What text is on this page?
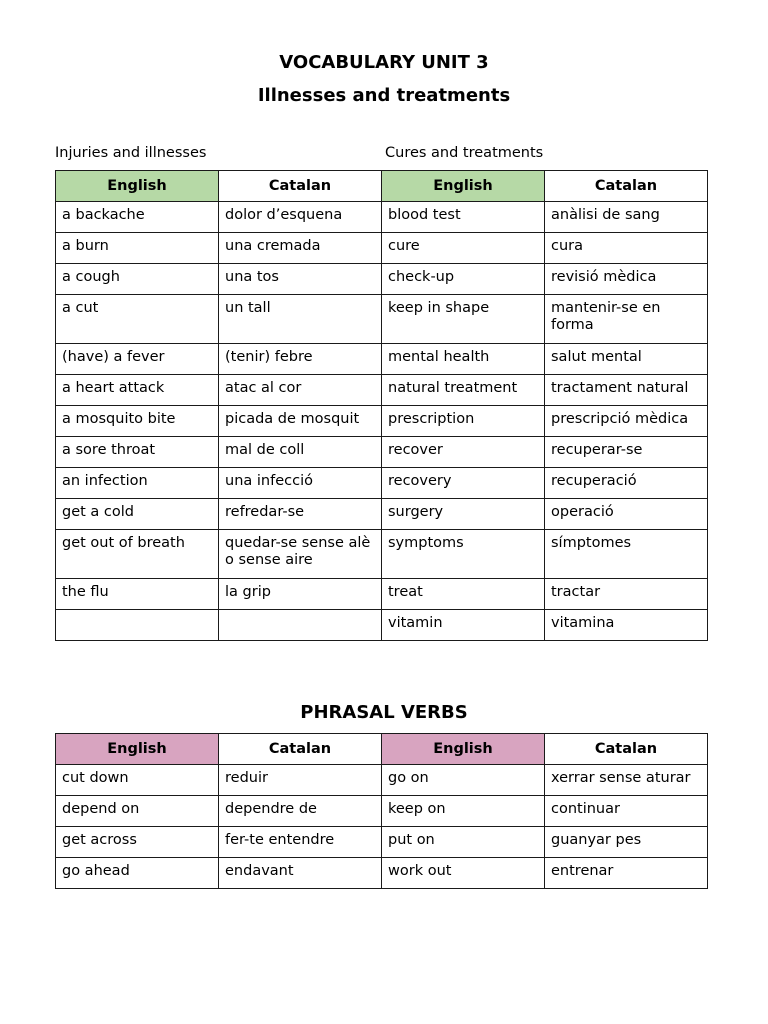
VOCABULARY UNIT 3
Illnesses and treatments
Injuries and illnesses	Cures and treatments
English	Catalan	English	Catalan
a backache	dolor d’esquena	blood test	anàlisi de sang
a burn	una cremada	cure	cura
a cough	una tos	check-up	revisió mèdica
a cut	un tall	keep in shape	mantenir-se en forma
(have) a fever	(tenir) febre	mental health	salut mental
a heart attack	atac al cor	natural treatment	tractament natural
a mosquito bite	picada de mosquit	prescription	prescripció mèdica
a sore throat	mal de coll	recover	recuperar-se
an infection	una infecció	recovery	recuperació
get a cold	refredar-se	surgery	operació
get out of breath	quedar-se sense alè o sense aire	symptoms	símptomes
the flu	la grip	treat	tractar
		vitamin	vitamina
PHRASAL VERBS
English	Catalan	English	Catalan
cut down	reduir	go on	xerrar sense aturar
depend on	dependre de	keep on	continuar
get across	fer-te entendre	put on	guanyar pes
go ahead	endavant	work out	entrenar
